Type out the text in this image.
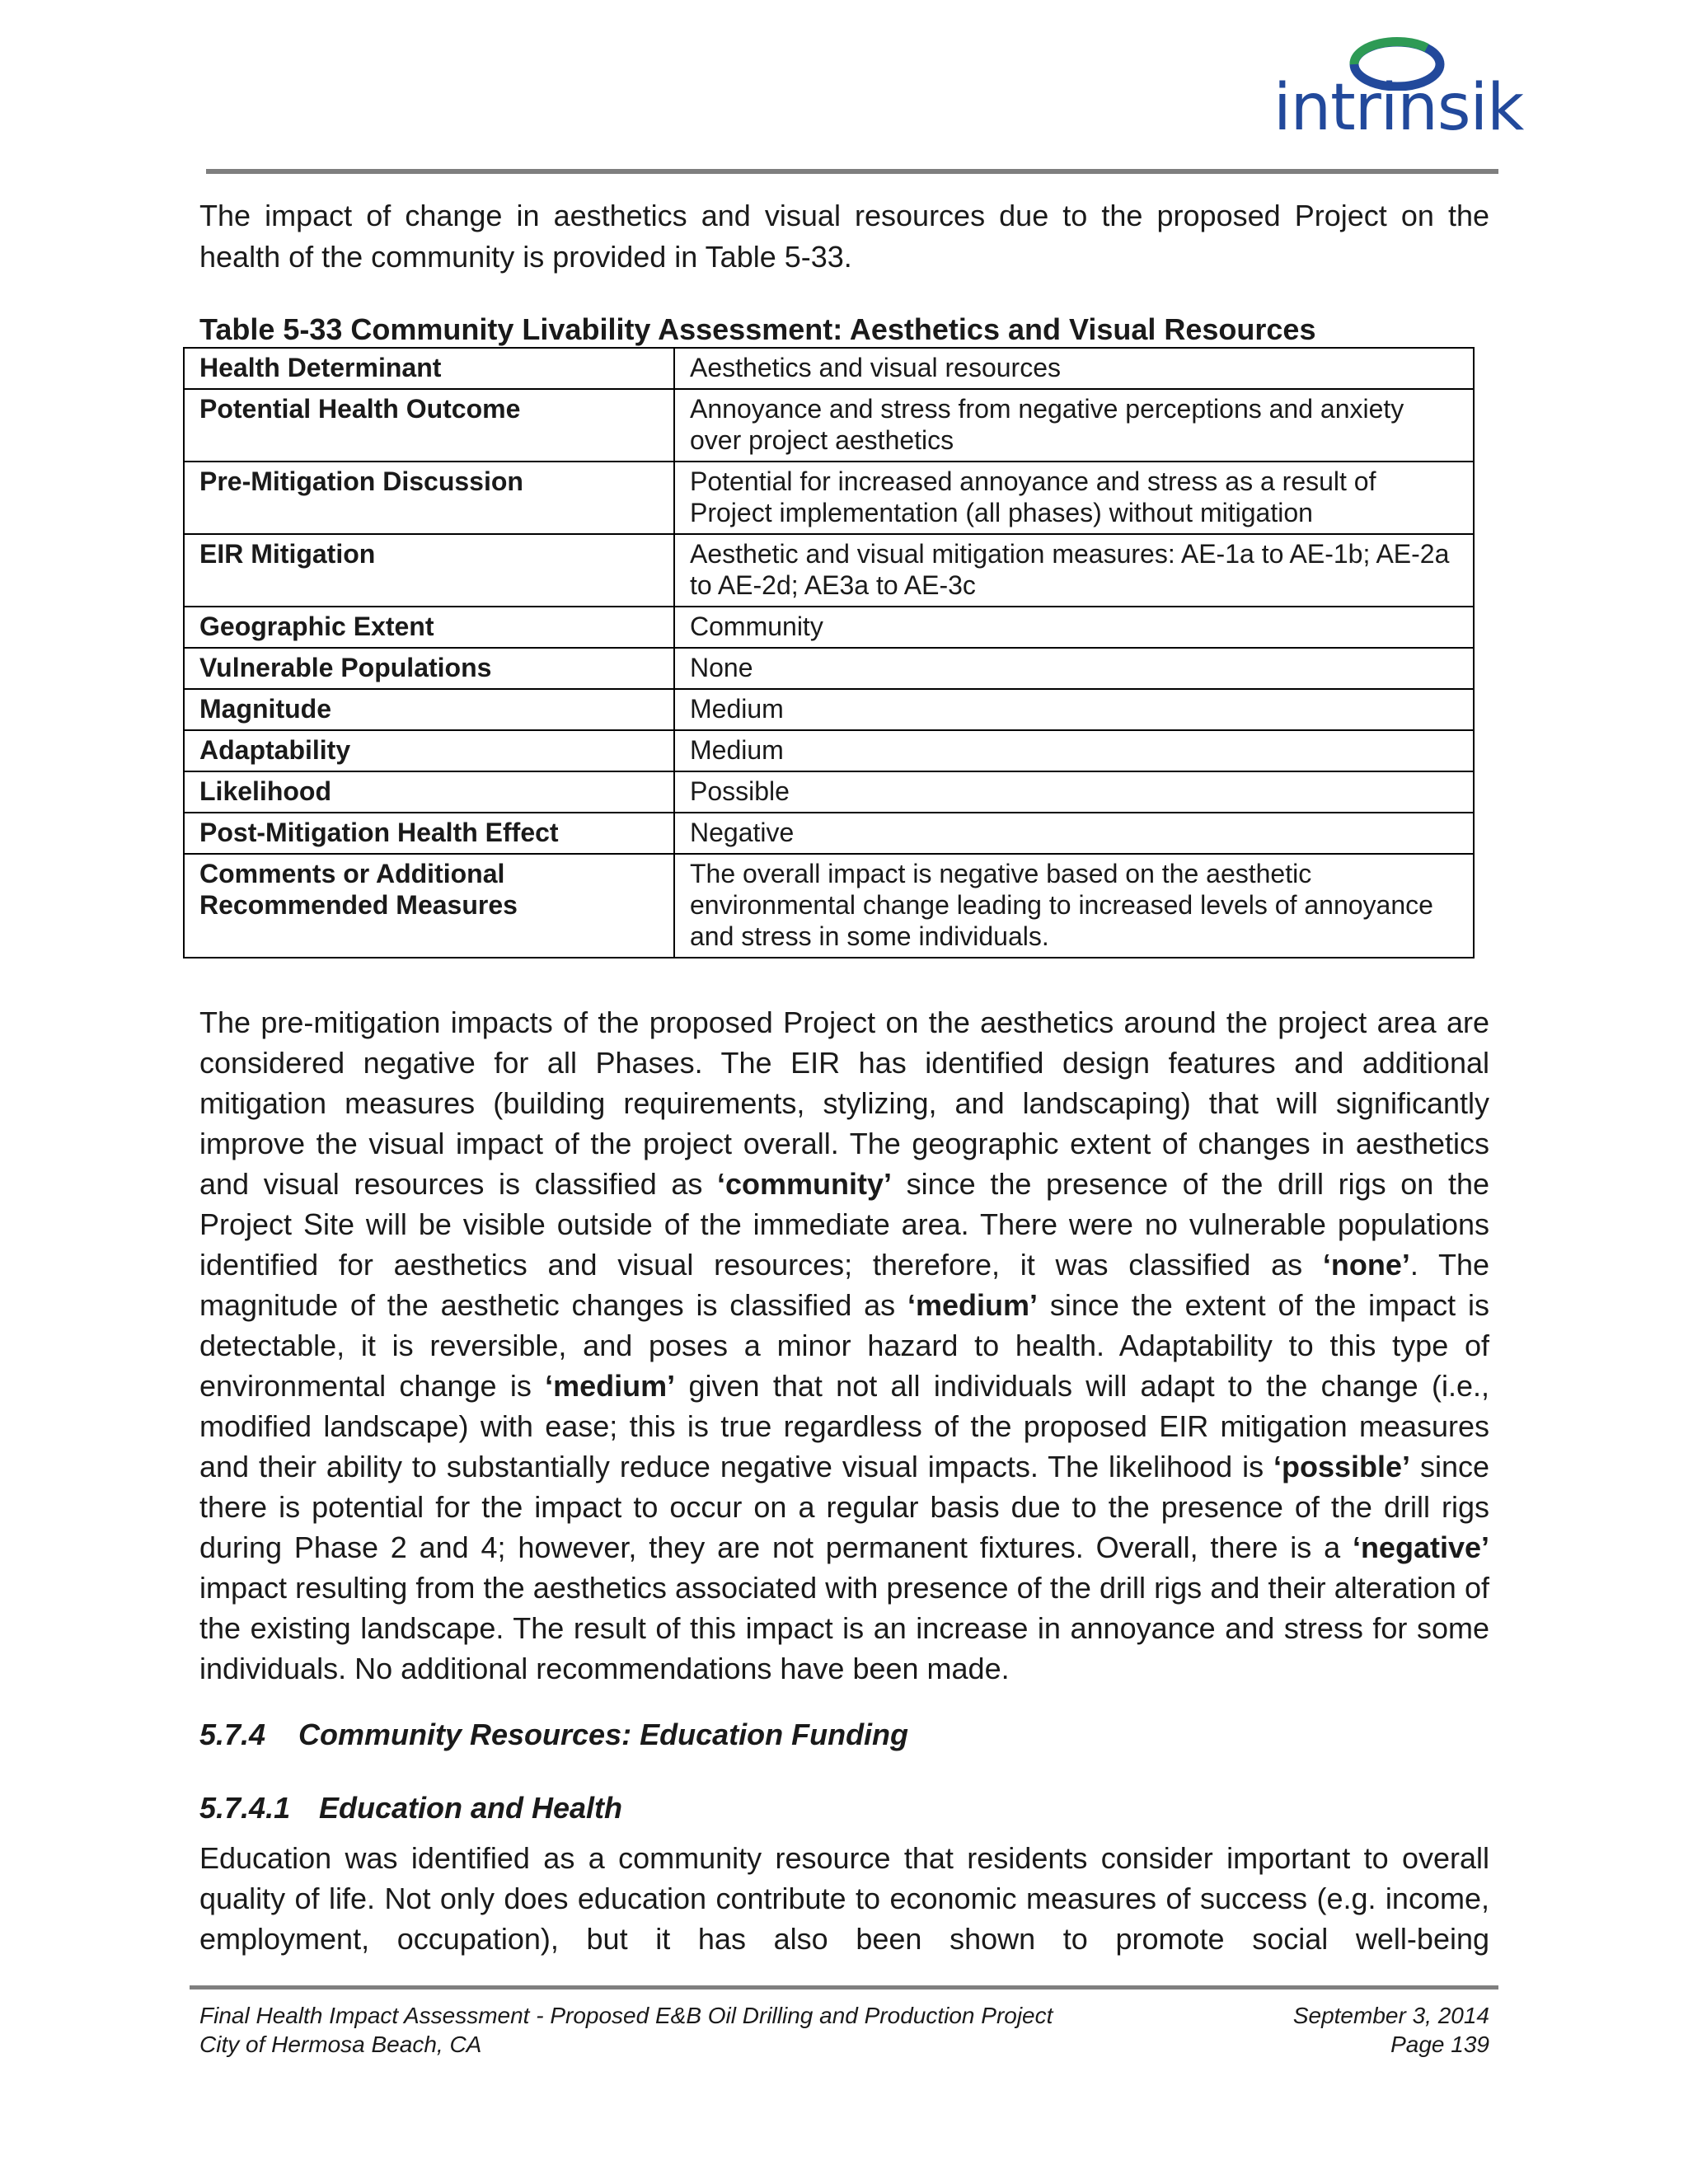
intrinsik

The impact of change in aesthetics and visual resources due to the proposed Project on the health of the community is provided in Table 5-33.

Table 5-33 Community Livability Assessment: Aesthetics and Visual Resources

Health Determinant	Aesthetics and visual resources
Potential Health Outcome	Annoyance and stress from negative perceptions and anxiety over project aesthetics
Pre-Mitigation Discussion	Potential for increased annoyance and stress as a result of Project implementation (all phases) without mitigation
EIR Mitigation	Aesthetic and visual mitigation measures: AE-1a to AE-1b; AE-2a to AE-2d; AE3a to AE-3c
Geographic Extent	Community
Vulnerable Populations	None
Magnitude	Medium
Adaptability	Medium
Likelihood	Possible
Post-Mitigation Health Effect	Negative
Comments or Additional Recommended Measures	The overall impact is negative based on the aesthetic environmental change leading to increased levels of annoyance and stress in some individuals.

The pre-mitigation impacts of the proposed Project on the aesthetics around the project area are considered negative for all Phases. The EIR has identified design features and additional mitigation measures (building requirements, stylizing, and landscaping) that will significantly improve the visual impact of the project overall. The geographic extent of changes in aesthetics and visual resources is classified as ‘community’ since the presence of the drill rigs on the Project Site will be visible outside of the immediate area. There were no vulnerable populations identified for aesthetics and visual resources; therefore, it was classified as ‘none’. The magnitude of the aesthetic changes is classified as ‘medium’ since the extent of the impact is detectable, it is reversible, and poses a minor hazard to health. Adaptability to this type of environmental change is ‘medium’ given that not all individuals will adapt to the change (i.e., modified landscape) with ease; this is true regardless of the proposed EIR mitigation measures and their ability to substantially reduce negative visual impacts. The likelihood is ‘possible’ since there is potential for the impact to occur on a regular basis due to the presence of the drill rigs during Phase 2 and 4; however, they are not permanent fixtures. Overall, there is a ‘negative’ impact resulting from the aesthetics associated with presence of the drill rigs and their alteration of the existing landscape. The result of this impact is an increase in annoyance and stress for some individuals. No additional recommendations have been made.

5.7.4 Community Resources: Education Funding

5.7.4.1 Education and Health

Education was identified as a community resource that residents consider important to overall quality of life. Not only does education contribute to economic measures of success (e.g. income, employment, occupation), but it has also been shown to promote social well-being

Final Health Impact Assessment - Proposed E&B Oil Drilling and Production Project	September 3, 2014
City of Hermosa Beach, CA	Page 139
